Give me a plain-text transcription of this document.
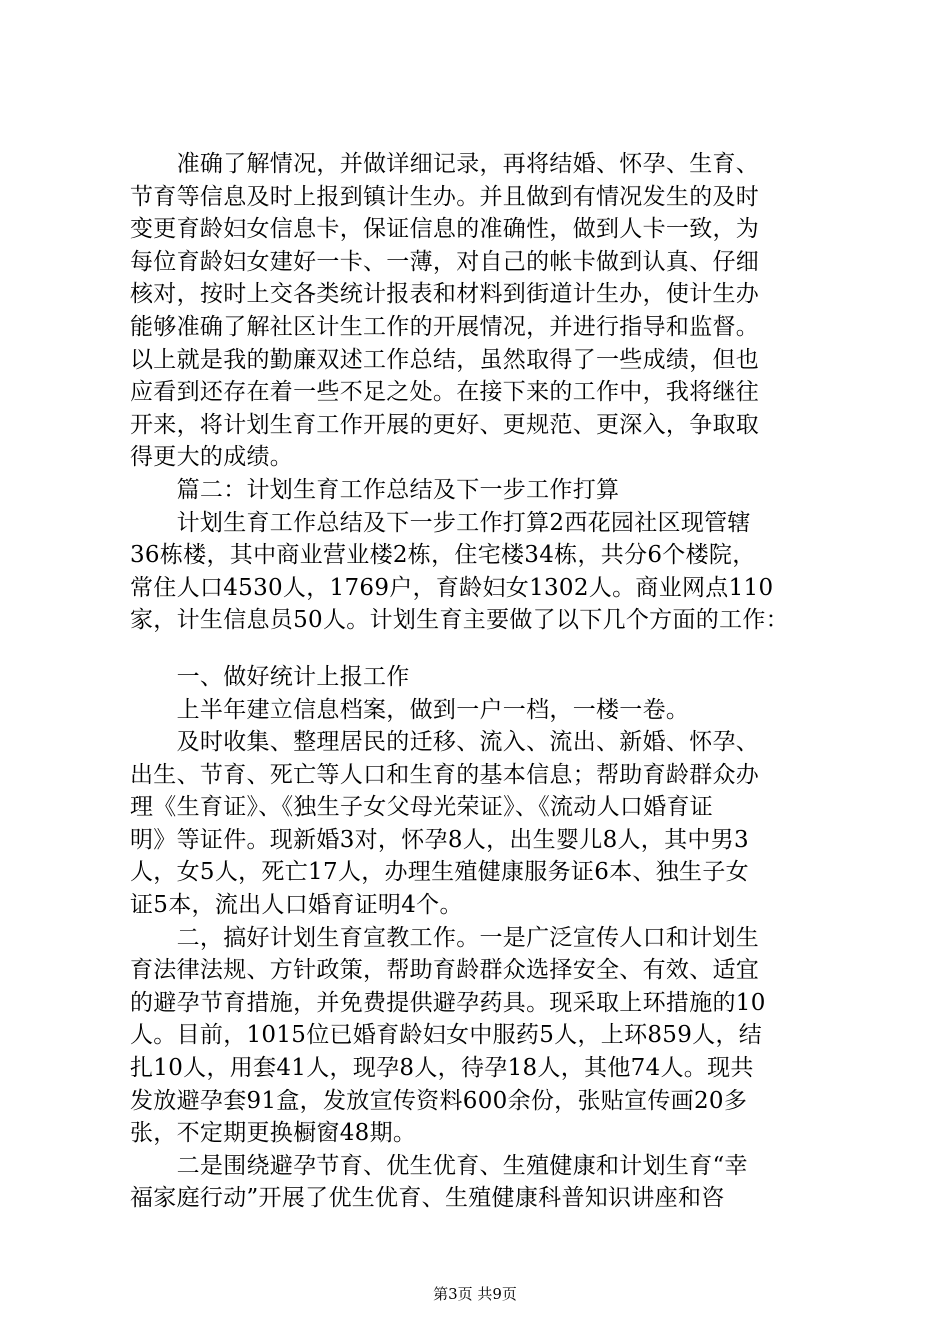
　　准确了解情况，并做详细记录，再将结婚、怀孕、生育、
节育等信息及时上报到镇计生办。并且做到有情况发生的及时
变更育龄妇女信息卡，保证信息的准确性，做到人卡一致，为
每位育龄妇女建好一卡、一薄，对自己的帐卡做到认真、仔细
核对，按时上交各类统计报表和材料到街道计生办，使计生办
能够准确了解社区计生工作的开展情况，并进行指导和监督。
以上就是我的勤廉双述工作总结，虽然取得了一些成绩，但也
应看到还存在着一些不足之处。在接下来的工作中，我将继往
开来，将计划生育工作开展的更好、更规范、更深入，争取取
得更大的成绩。
　　篇二：计划生育工作总结及下一步工作打算
　　计划生育工作总结及下一步工作打算2西花园社区现管辖
36栋楼，其中商业营业楼2栋，住宅楼34栋，共分6个楼院，
常住人口4530人，1769户，育龄妇女1302人。商业网点110
家，计生信息员50人。计划生育主要做了以下几个方面的工作：
　　一、做好统计上报工作
　　上半年建立信息档案，做到一户一档，一楼一卷。
　　及时收集、整理居民的迁移、流入、流出、新婚、怀孕、
出生、节育、死亡等人口和生育的基本信息；帮助育龄群众办
理《生育证》、《独生子女父母光荣证》、《流动人口婚育证
明》等证件。现新婚3对，怀孕8人，出生婴儿8人，其中男3
人，女5人，死亡17人，办理生殖健康服务证6本、独生子女
证5本，流出人口婚育证明4个。
　　二，搞好计划生育宣教工作。一是广泛宣传人口和计划生
育法律法规、方针政策，帮助育龄群众选择安全、有效、适宜
的避孕节育措施，并免费提供避孕药具。现采取上环措施的10
人。目前，1015位已婚育龄妇女中服药5人，上环859人，结
扎10人，用套41人，现孕8人，待孕18人，其他74人。现共
发放避孕套91盒，发放宣传资料600余份，张贴宣传画20多
张，不定期更换橱窗48期。
　　二是围绕避孕节育、优生优育、生殖健康和计划生育“幸
福家庭行动”开展了优生优育、生殖健康科普知识讲座和咨
第3页 共9页
